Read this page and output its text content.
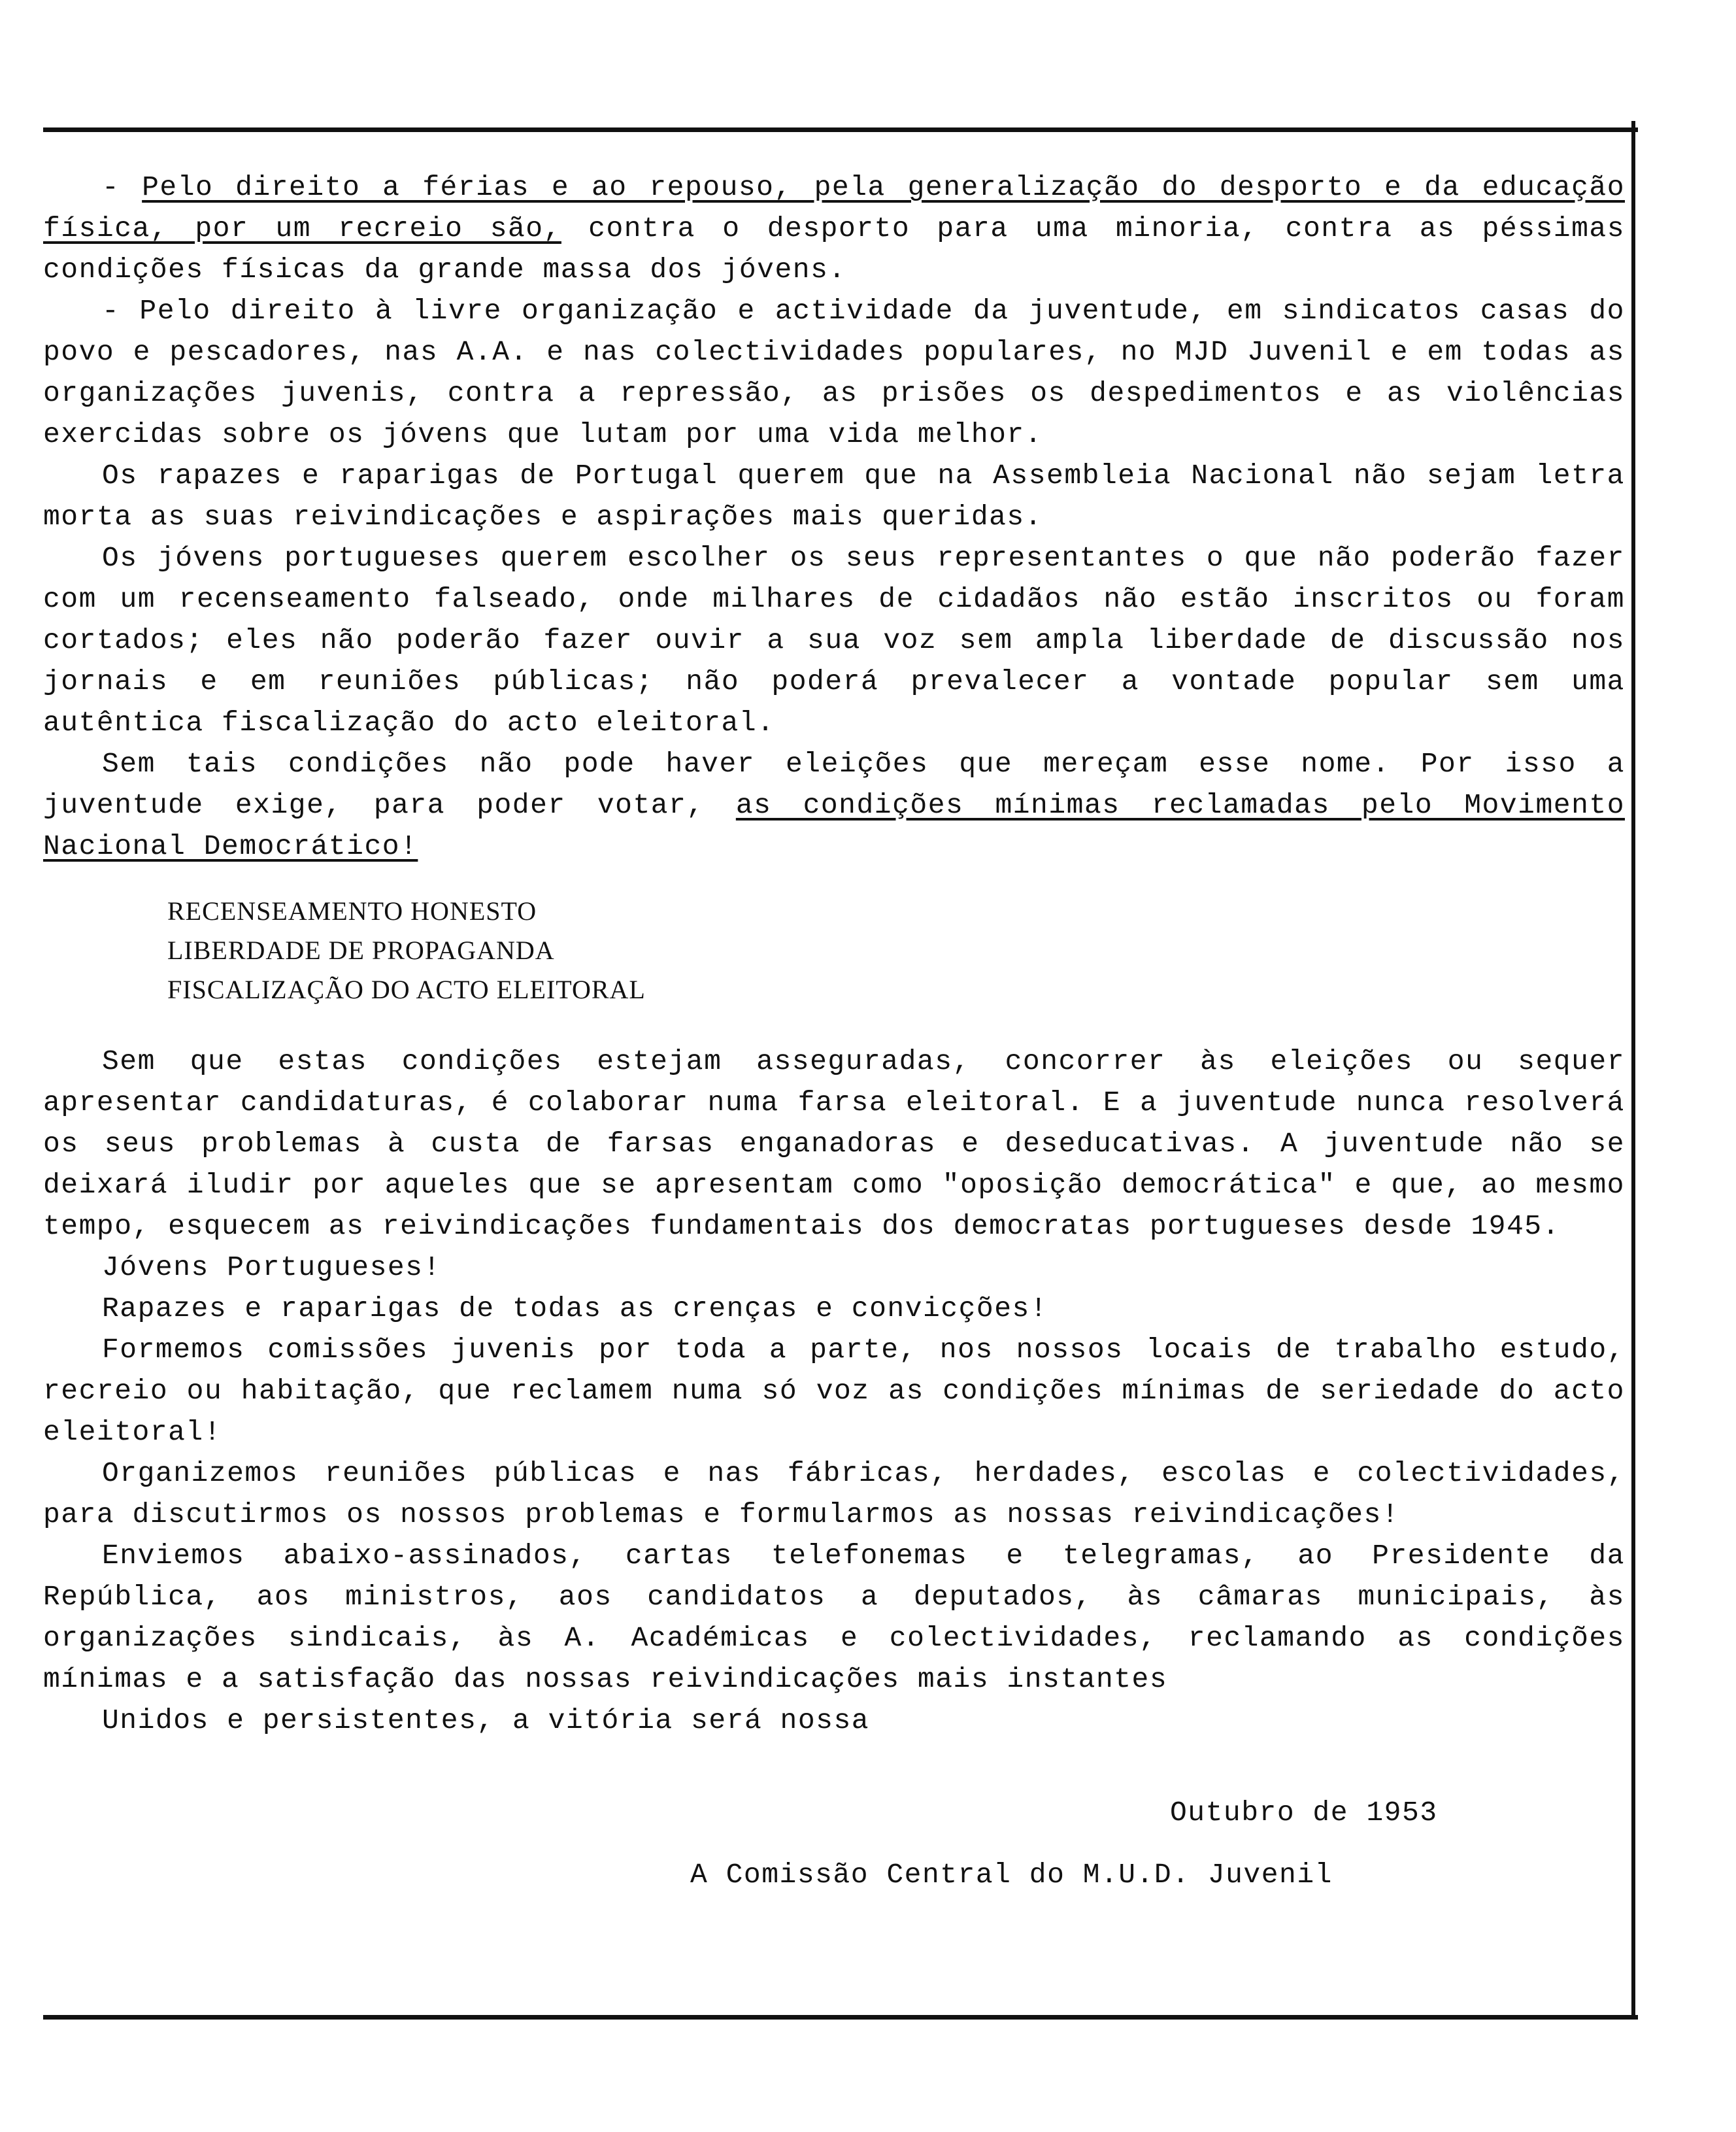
- Pelo direito a férias e ao repouso, pela generalização do desporto e da educação física, por um recreio são, contra o desporto para uma minoria, contra as péssimas condições físicas da grande massa dos jóvens.

- Pelo direito à livre organização e actividade da juventude, em sindicatos casas do povo e pescadores, nas A.A. e nas colectividades populares, no MJD Juvenil e em todas as organizações juvenis, contra a repressão, as prisões os despedimentos e as violências exercidas sobre os jóvens que lutam por uma vida melhor.

Os rapazes e raparigas de Portugal querem que na Assembleia Nacional não sejam letra morta as suas reivindicações e aspirações mais queridas.

Os jóvens portugueses querem escolher os seus representantes o que não poderão fazer com um recenseamento falseado, onde milhares de cidadãos não estão inscritos ou foram cortados; eles não poderão fazer ouvir a sua voz sem ampla liberdade de discussão nos jornais e em reuniões públicas; não poderá prevalecer a vontade popular sem uma autêntica fiscalização do acto eleitoral.

Sem tais condições não pode haver eleições que mereçam esse nome. Por isso a juventude exige, para poder votar, as condições mínimas reclamadas pelo Movimento Nacional Democrático!

RECENSEAMENTO HONESTO
LIBERDADE DE PROPAGANDA
FISCALIZAÇÃO DO ACTO ELEITORAL

Sem que estas condições estejam asseguradas, concorrer às eleições ou sequer apresentar candidaturas, é colaborar numa farsa eleitoral. E a juventude nunca resolverá os seus problemas à custa de farsas enganadoras e deseducativas. A juventude não se deixará iludir por aqueles que se apresentam como "oposição democrática" e que, ao mesmo tempo, esquecem as reivindicações fundamentais dos democratas portugueses desde 1945.

Jóvens Portugueses!

Rapazes e raparigas de todas as crenças e convicções!

Formemos comissões juvenis por toda a parte, nos nossos locais de trabalho estudo, recreio ou habitação, que reclamem numa só voz as condições mínimas de seriedade do acto eleitoral!

Organizemos reuniões públicas e nas fábricas, herdades, escolas e colectividades, para discutirmos os nossos problemas e formularmos as nossas reivindicações!

Enviemos abaixo-assinados, cartas telefonemas e telegramas, ao Presidente da República, aos ministros, aos candidatos a deputados, às câmaras municipais, às organizações sindicais, às A. Académicas e colectividades, reclamando as condições mínimas e a satisfação das nossas reivindicações mais instantes

Unidos e persistentes, a vitória será nossa

Outubro de 1953

A Comissão Central do M.U.D. Juvenil
